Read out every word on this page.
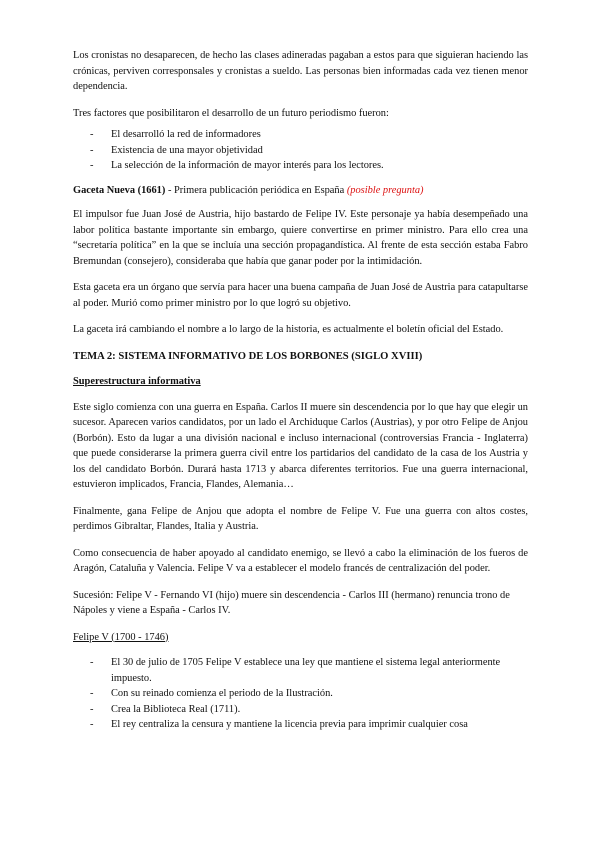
Los cronistas no desaparecen, de hecho las clases adineradas pagaban a estos para que siguieran haciendo las crónicas, perviven corresponsales y cronistas a sueldo. Las personas bien informadas cada vez tienen menor dependencia.

Tres factores que posibilitaron el desarrollo de un futuro periodismo fueron:

- El desarrolló la red de informadores
- Existencia de una mayor objetividad
- La selección de la información de mayor interés para los lectores.

Gaceta Nueva (1661) - Primera publicación periódica en España (posible pregunta)

El impulsor fue Juan José de Austria, hijo bastardo de Felipe IV. Este personaje ya había desempeñado una labor política bastante importante sin embargo, quiere convertirse en primer ministro. Para ello crea una “secretaría política” en la que se incluía una sección propagandística. Al frente de esta sección estaba Fabro Bremundan (consejero), consideraba que había que ganar poder por la intimidación.

Esta gaceta era un órgano que servía para hacer una buena campaña de Juan José de Austria para catapultarse al poder. Murió como primer ministro por lo que logró su objetivo.

La gaceta irá cambiando el nombre a lo largo de la historia, es actualmente el boletín oficial del Estado.

TEMA 2: SISTEMA INFORMATIVO DE LOS BORBONES (SIGLO XVIII)
Superestructura informativa

Este siglo comienza con una guerra en España. Carlos II muere sin descendencia por lo que hay que elegir un sucesor. Aparecen varios candidatos, por un lado el Archiduque Carlos (Austrias), y por otro Felipe de Anjou (Borbón). Esto da lugar a una división nacional e incluso internacional (controversias Francia - Inglaterra) que puede considerarse la primera guerra civil entre los partidarios del candidato de la casa de los Austria y los del candidato Borbón. Durará hasta 1713 y abarca diferentes territorios. Fue una guerra internacional, estuvieron implicados, Francia, Flandes, Alemania…

Finalmente, gana Felipe de Anjou que adopta el nombre de Felipe V. Fue una guerra con altos costes, perdimos Gibraltar, Flandes, Italia y Austria.

Como consecuencia de haber apoyado al candidato enemigo, se llevó a cabo la eliminación de los fueros de Aragón, Cataluña y Valencia. Felipe V va a establecer el modelo francés de centralización del poder.

Sucesión: Felipe V - Fernando VI (hijo) muere sin descendencia - Carlos III (hermano) renuncia trono de Nápoles y viene a España - Carlos IV.

Felipe V (1700 - 1746)
- El 30 de julio de 1705 Felipe V establece una ley que mantiene el sistema legal anteriormente impuesto.
- Con su reinado comienza el periodo de la Ilustración.
- Crea la Biblioteca Real (1711).
- El rey centraliza la censura y mantiene la licencia previa para imprimir cualquier cosa
